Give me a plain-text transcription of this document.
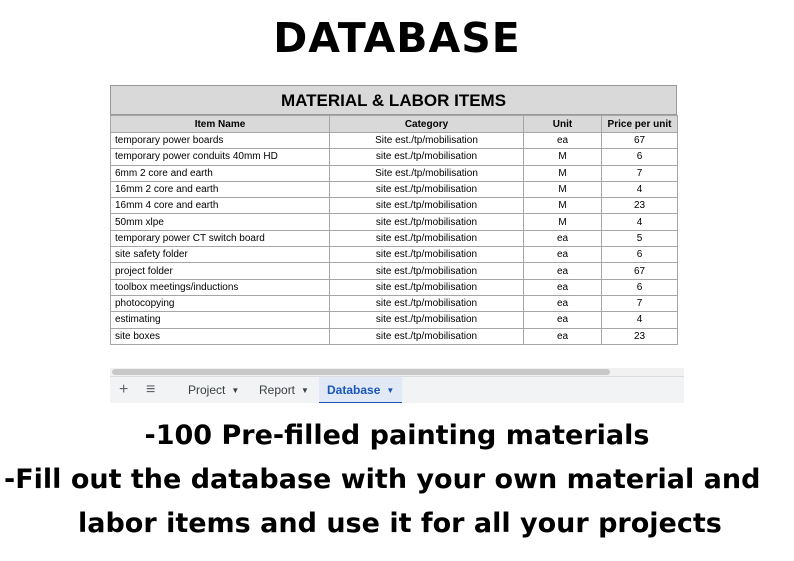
DATABASE
MATERIAL & LABOR ITEMS
Item Name	Category	Unit	Price per unit
temporary power boards	Site est./tp/mobilisation	ea	67
temporary power conduits 40mm HD	site est./tp/mobilisation	M	6
6mm 2 core and earth	Site est./tp/mobilisation	M	7
16mm 2 core and earth	site est./tp/mobilisation	M	4
16mm 4 core and earth	site est./tp/mobilisation	M	23
50mm xlpe	site est./tp/mobilisation	M	4
temporary power CT switch board	site est./tp/mobilisation	ea	5
site safety folder	site est./tp/mobilisation	ea	6
project folder	site est./tp/mobilisation	ea	67
toolbox meetings/inductions	site est./tp/mobilisation	ea	6
photocopying	site est./tp/mobilisation	ea	7
estimating	site est./tp/mobilisation	ea	4
site boxes	site est./tp/mobilisation	ea	23
+ ≡	Project ▼	Report ▼	Database ▼
-100 Pre-filled painting materials
-Fill out the database with your own material and
labor items and use it for all your projects
